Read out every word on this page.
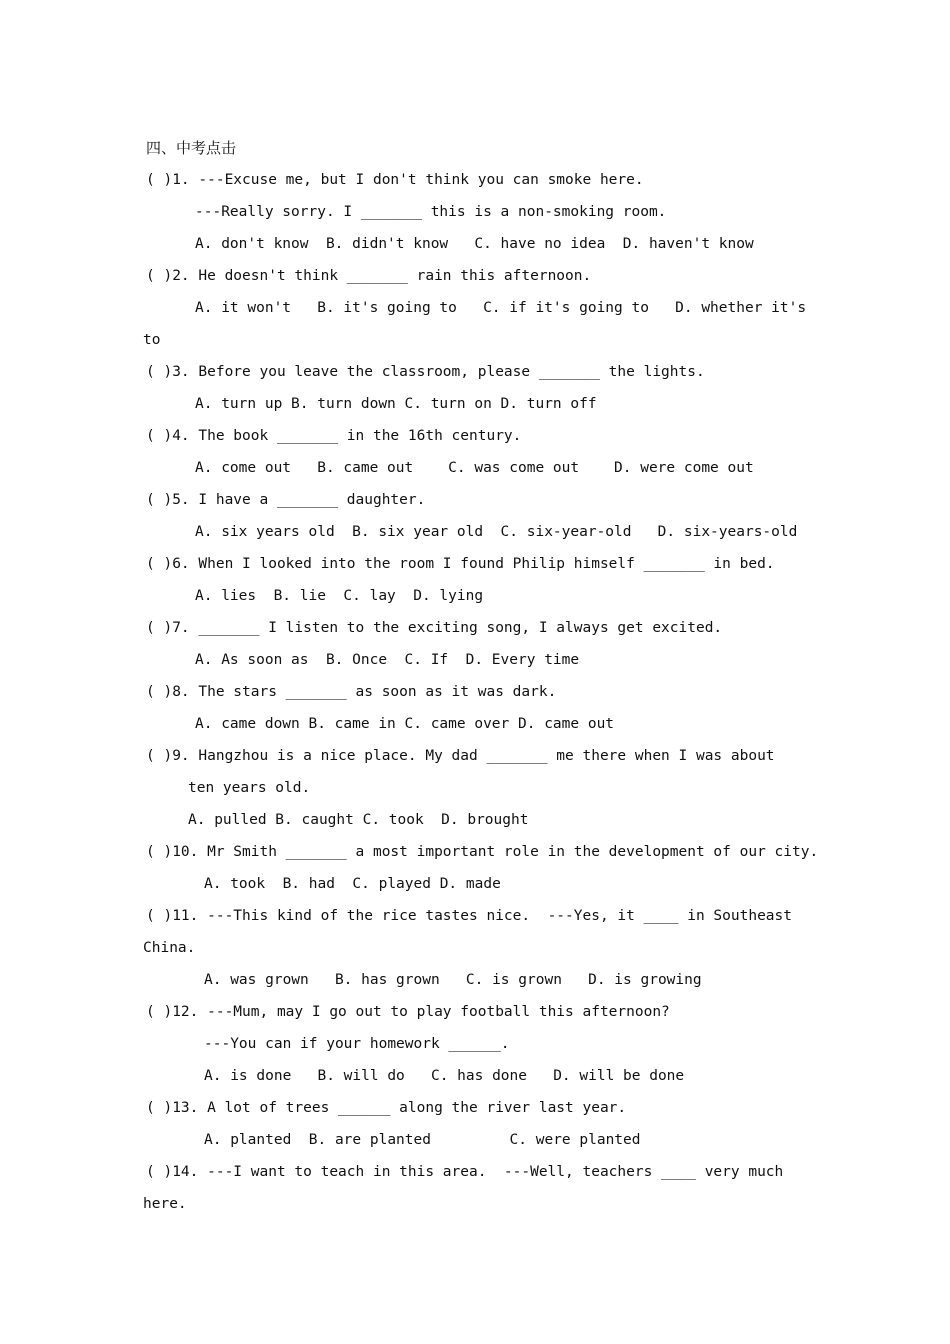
四、中考点击
( )1. ---Excuse me, but I don't think you can smoke here.
---Really sorry. I _______ this is a non-smoking room.
A. don't know  B. didn't know   C. have no idea  D. haven't know
( )2. He doesn't think _______ rain this afternoon.
A. it won't   B. it's going to   C. if it's going to   D. whether it's
to
( )3. Before you leave the classroom, please _______ the lights.
A. turn up B. turn down C. turn on D. turn off
( )4. The book _______ in the 16th century.
A. come out   B. came out    C. was come out    D. were come out
( )5. I have a _______ daughter.
A. six years old  B. six year old  C. six-year-old   D. six-years-old
( )6. When I looked into the room I found Philip himself _______ in bed.
A. lies  B. lie  C. lay  D. lying
( )7. _______ I listen to the exciting song, I always get excited.
A. As soon as  B. Once  C. If  D. Every time
( )8. The stars _______ as soon as it was dark.
A. came down B. came in C. came over D. came out
( )9. Hangzhou is a nice place. My dad _______ me there when I was about
ten years old.
A. pulled B. caught C. took  D. brought
( )10. Mr Smith _______ a most important role in the development of our city.
A. took  B. had  C. played D. made
( )11. ---This kind of the rice tastes nice.  ---Yes, it ____ in Southeast
China.
A. was grown   B. has grown   C. is grown   D. is growing
( )12. ---Mum, may I go out to play football this afternoon?
---You can if your homework ______.
A. is done   B. will do   C. has done   D. will be done
( )13. A lot of trees ______ along the river last year.
A. planted  B. are planted         C. were planted
( )14. ---I want to teach in this area.  ---Well, teachers ____ very much
here.
